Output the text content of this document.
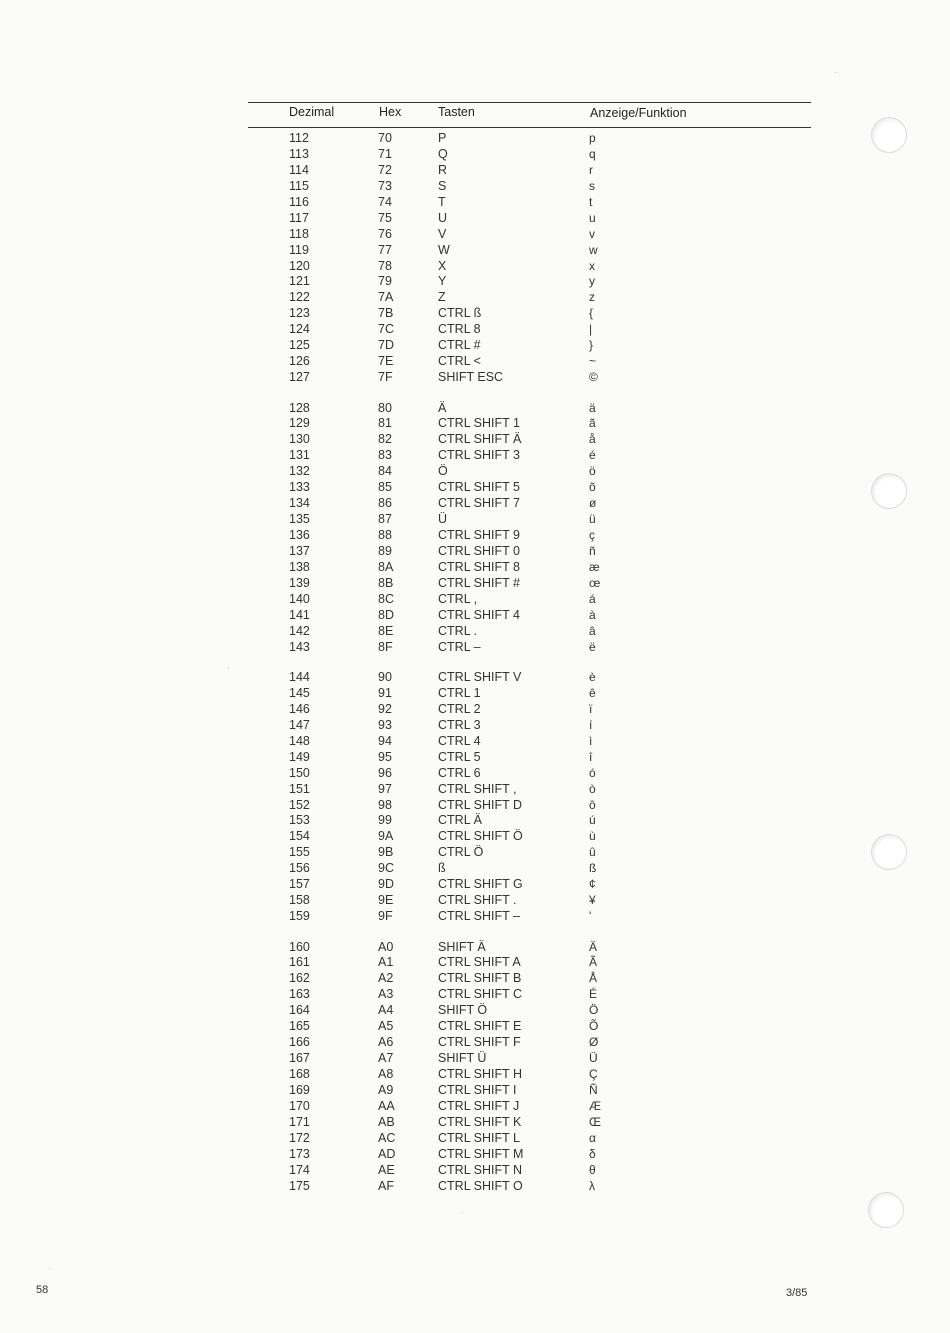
Dezimal	Hex	Tasten	Anzeige/Funktion
112	70	P	p
113	71	Q	q
114	72	R	r
115	73	S	s
116	74	T	t
117	75	U	u
118	76	V	v
119	77	W	w
120	78	X	x
121	79	Y	y
122	7A	Z	z
123	7B	CTRL ß	{
124	7C	CTRL 8	|
125	7D	CTRL #	}
126	7E	CTRL <	~
127	7F	SHIFT ESC	©
128	80	Ä	ä
129	81	CTRL SHIFT 1	ã
130	82	CTRL SHIFT Ä	å
131	83	CTRL SHIFT 3	é
132	84	Ö	ö
133	85	CTRL SHIFT 5	õ
134	86	CTRL SHIFT 7	ø
135	87	Ü	ü
136	88	CTRL SHIFT 9	ç
137	89	CTRL SHIFT 0	ñ
138	8A	CTRL SHIFT 8	æ
139	8B	CTRL SHIFT #	œ
140	8C	CTRL ,	á
141	8D	CTRL SHIFT 4	à
142	8E	CTRL .	â
143	8F	CTRL –	ë
144	90	CTRL SHIFT V	è
145	91	CTRL 1	ê
146	92	CTRL 2	ï
147	93	CTRL 3	í
148	94	CTRL 4	ì
149	95	CTRL 5	î
150	96	CTRL 6	ó
151	97	CTRL SHIFT ,	ò
152	98	CTRL SHIFT D	ô
153	99	CTRL Ä	ú
154	9A	CTRL SHIFT Ö	ù
155	9B	CTRL Ö	û
156	9C	ß	ß
157	9D	CTRL SHIFT G	¢
158	9E	CTRL SHIFT .	¥
159	9F	CTRL SHIFT –	'
160	A0	SHIFT Ä	Ä
161	A1	CTRL SHIFT A	Ã
162	A2	CTRL SHIFT B	Å
163	A3	CTRL SHIFT C	É
164	A4	SHIFT Ö	Ö
165	A5	CTRL SHIFT E	Õ
166	A6	CTRL SHIFT F	Ø
167	A7	SHIFT Ü	Ü
168	A8	CTRL SHIFT H	Ç
169	A9	CTRL SHIFT I	Ñ
170	AA	CTRL SHIFT J	Æ
171	AB	CTRL SHIFT K	Œ
172	AC	CTRL SHIFT L	α
173	AD	CTRL SHIFT M	δ
174	AE	CTRL SHIFT N	θ
175	AF	CTRL SHIFT O	λ
58	3/85
